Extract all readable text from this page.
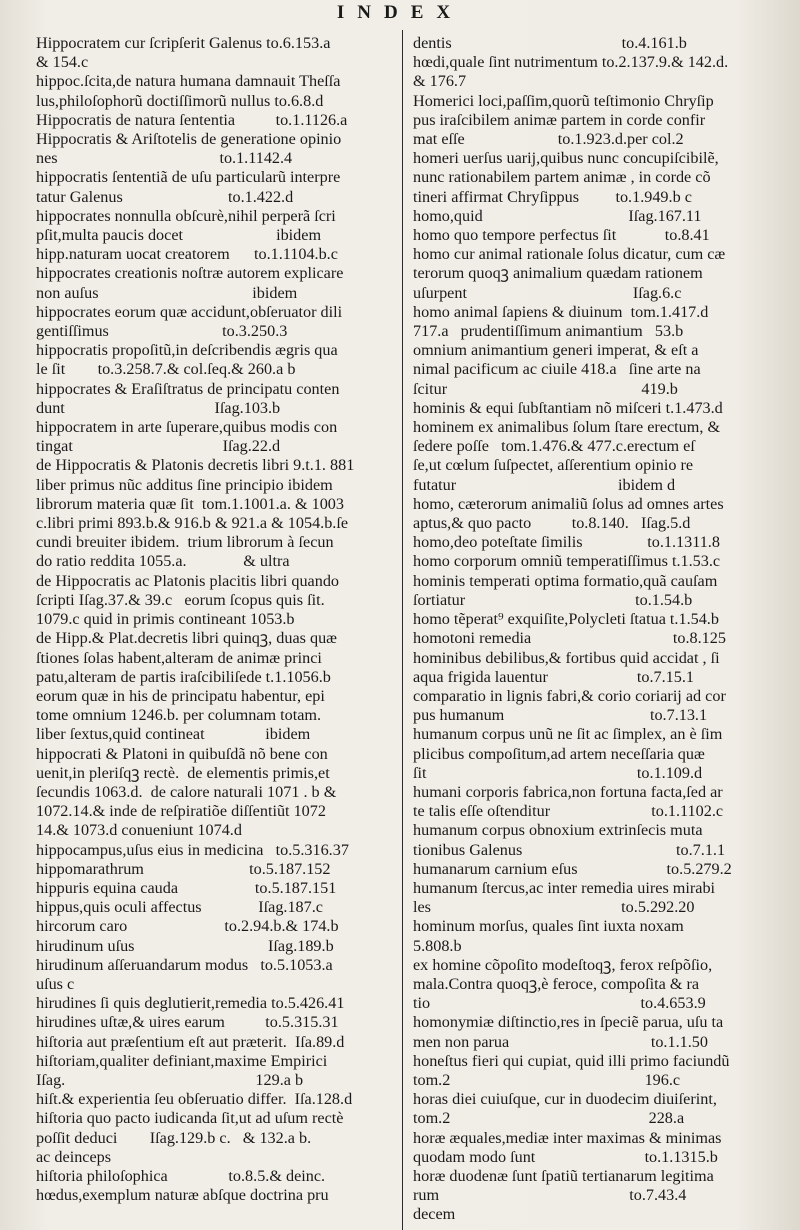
INDEX
Hippocratem cur ſcripſerit Galenus to.6.153.a
& 154.c
hippoc.ſcita,de natura humana damnauit Theſſa
lus,philoſophorũ doctiſſimorũ nullus to.6.8.d
Hippocratis de natura ſententia          to.1.1126.a
Hippocratis & Ariſtotelis de generatione opinio
nes                                        to.1.1142.4
hippocratis ſententiã de uſu particularũ interpre
tatur Galenus                          to.1.422.d
hippocrates nonnulla obſcurè,nihil perperã ſcri
pſit,multa paucis docet                       ibidem
hipp.naturam uocat creatorem      to.1.1104.b.c
hippocrates creationis noſtræ autorem explicare
non auſus                                      ibidem
hippocrates eorum quæ accidunt,obſeruator dili
gentiſſimus                            to.3.250.3
hippocratis propoſitũ,in deſcribendis ægris qua
le ſit        to.3.258.7.& col.ſeq.& 260.a b
hippocrates & Eraſiſtratus de principatu conten
dunt                                     Iſag.103.b
hippocratem in arte ſuperare,quibus modis con
tingat                                     Iſag.22.d
de Hippocratis & Platonis decretis libri 9.t.1. 881
liber primus nũc additus ſine principio ibidem
librorum materia quæ ſit  tom.1.1001.a. & 1003
c.libri primi 893.b.& 916.b & 921.a & 1054.b.ſe
cundi breuiter ibidem.  trium librorum à ſecun
do ratio reddita 1055.a.              & ultra
de Hippocratis ac Platonis placitis libri quando
ſcripti Iſag.37.& 39.c   eorum ſcopus quis ſit.
1079.c quid in primis contineant 1053.b
de Hipp.& Plat.decretis libri quinqꝫ, duas quæ
ſtiones ſolas habent,alteram de animæ princi
patu,alteram de partis iraſcibiliſede t.1.1056.b
eorum quæ in his de principatu habentur, epi
tome omnium 1246.b. per columnam totam.
liber ſextus,quid contineat               ibidem
hippocrati & Platoni in quibuſdã nõ bene con
uenit,in pleriſqꝫ rectè.  de elementis primis,et
ſecundis 1063.d.  de calore naturali 1071 . b &
1072.14.& inde de reſpiratiõe diſſentiũt 1072
14.& 1073.d conueniunt 1074.d
hippocampus,uſus eius in medicina   to.5.316.37
hippomarathrum                          to.5.187.152
hippuris equina cauda                   to.5.187.151
hippus,quis oculi affectus              Iſag.187.c
hircorum caro                        to.2.94.b.& 174.b
hirudinum uſus                                 Iſag.189.b
hirudinum aſſeruandarum modus   to.5.1053.a
uſus c
hirudines ſi quis deglutierit,remedia to.5.426.41
hirudines uſtæ,& uires earum          to.5.315.31
hiſtoria aut præſentium eſt aut præterit.  Iſa.89.d
hiſtoriam,qualiter definiant,maxime Empirici
Iſag.                                               129.a b
hiſt.& experientia ſeu obſeruatio differ.  Iſa.128.d
hiſtoria quo pacto iudicanda ſit,ut ad uſum rectè
poſſit deduci        Iſag.129.b c.   & 132.a b.
ac deinceps
hiſtoria philoſophica               to.8.5.& deinc.
hœdus,exemplum naturæ abſque doctrina pru
dentis                                          to.4.161.b
hœdi,quale ſint nutrimentum to.2.137.9.& 142.d.
& 176.7
Homerici loci,paſſim,quorũ teſtimonio Chryſip
pus iraſcibilem animæ partem in corde confir
mat eſſe                       to.1.923.d.per col.2
homeri uerſus uarij,quibus nunc concupiſcibilẽ,
nunc rationabilem partem animæ , in corde cõ
tineri affirmat Chryſippus         to.1.949.b c
homo,quid                                    Iſag.167.11
homo quo tempore perfectus ſit            to.8.41
homo cur animal rationale ſolus dicatur, cum cæ
terorum quoqꝫ animalium quædam rationem
uſurpent                                         Iſag.6.c
homo animal ſapiens & diuinum  tom.1.417.d
717.a   prudentiſſimum animantium   53.b
omnium animantium generi imperat, & eſt a
nimal pacificum ac ciuile 418.a   ſine arte na
ſcitur                                                419.b
hominis & equi ſubſtantiam nõ miſceri t.1.473.d
hominem ex animalibus ſolum ſtare erectum, &
ſedere poſſe   tom.1.476.& 477.c.erectum eſ
ſe,ut cœlum ſuſpectet, aſſerentium opinio re
futatur                                        ibidem d
homo, cæterorum animaliũ ſolus ad omnes artes
aptus,& quo pacto          to.8.140.   Iſag.5.d
homo,deo poteſtate ſimilis                to.1.1311.8
homo corporum omniũ temperatiſſimus t.1.53.c
hominis temperati optima formatio,quã cauſam
ſortiatur                                          to.1.54.b
homo tẽperat⁹ exquiſite,Polycleti ſtatua t.1.54.b
homotoni remedia                                   to.8.125
hominibus debilibus,& fortibus quid accidat , ſi
aqua frigida lauentur                      to.7.15.1
comparatio in lignis fabri,& corio coriarij ad cor
pus humanum                                    to.7.13.1
humanum corpus unũ ne ſit ac ſimplex, an è ſim
plicibus compoſitum,ad artem neceſſaria quæ
ſit                                                    to.1.109.d
humani corporis fabrica,non fortuna facta,ſed ar
te talis eſſe oſtenditur                         to.1.1102.c
humanum corpus obnoxium extrinſecis muta
tionibus Galenus                                      to.7.1.1
humanarum carnium eſus                      to.5.279.2
humanum ſtercus,ac inter remedia uires mirabi
les                                               to.5.292.20
hominum morſus, quales ſint iuxta noxam
5.808.b
ex homine cõpoſito modeſtoqꝫ, ferox reſpõſio,
mala.Contra quoqꝫ,è feroce, compoſita & ra
tio                                                    to.4.653.9
homonymiæ diſtinctio,res in ſpeciẽ parua, uſu ta
men non parua                                   to.1.1.50
honeſtus fieri qui cupiat, quid illi primo faciundũ
tom.2                                                196.c
horas diei cuiuſque, cur in duodecim diuiſerint,
tom.2                                                 228.a
horæ æquales,mediæ inter maximas & minimas
quodam modo ſunt                           to.1.1315.b
horæ duodenæ ſunt ſpatiũ tertianarum legitima
rum                                               to.7.43.4
decem
